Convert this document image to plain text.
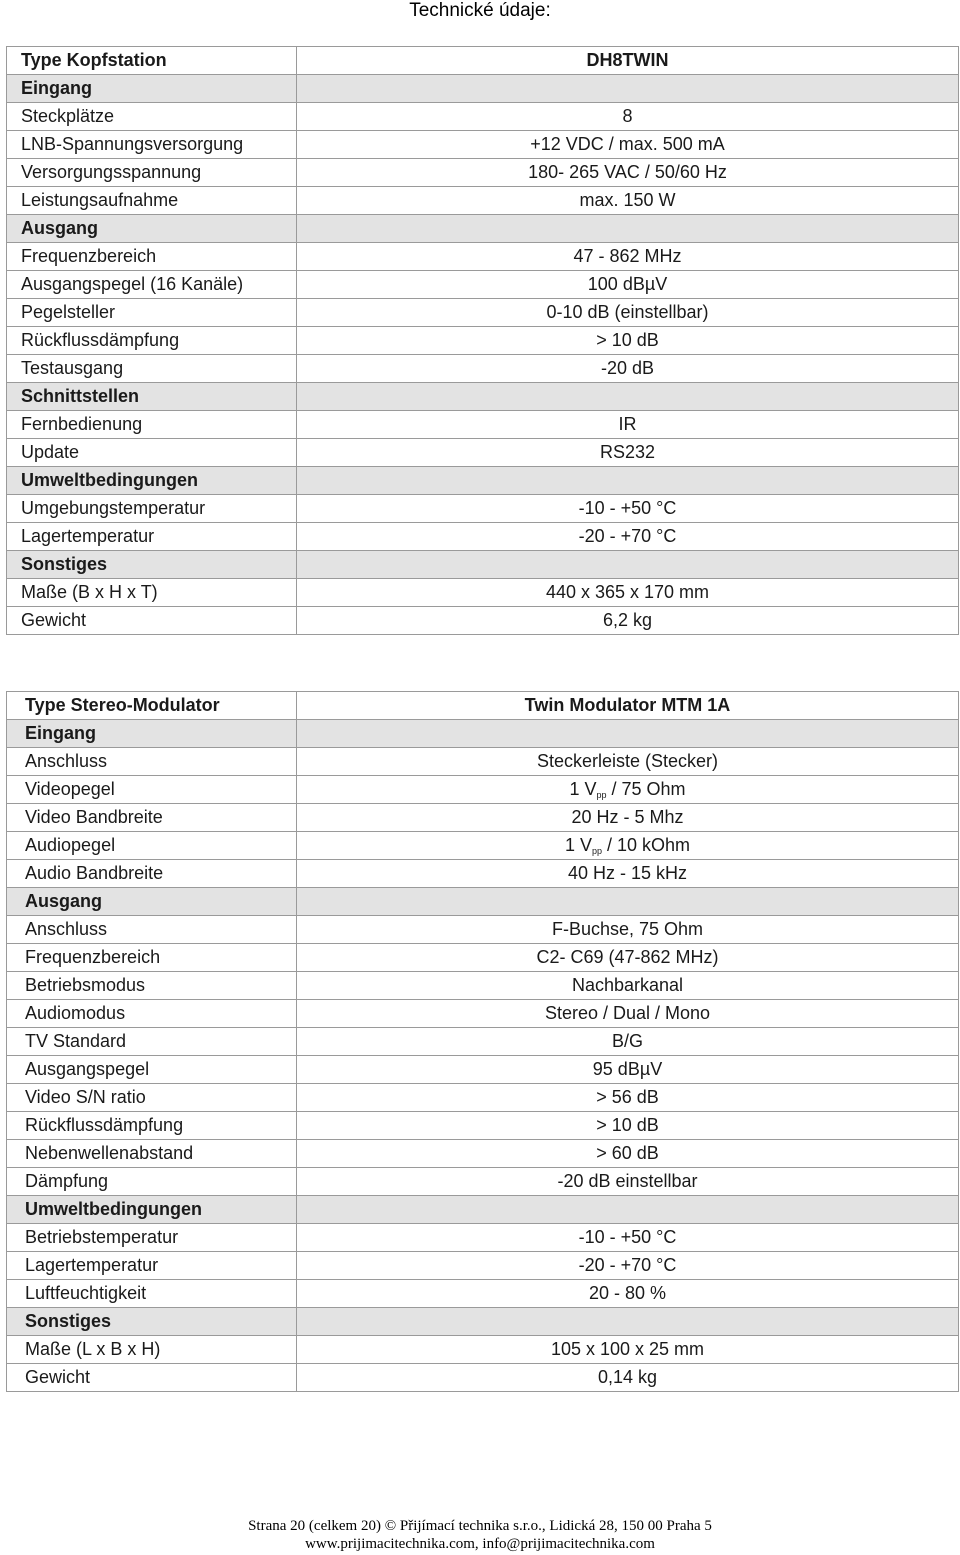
Technické údaje:
Type Kopfstation	DH8TWIN
Eingang	
Steckplätze	8
LNB-Spannungsversorgung	+12 VDC / max. 500 mA
Versorgungsspannung	180- 265 VAC / 50/60 Hz
Leistungsaufnahme	max. 150 W
Ausgang	
Frequenzbereich	47 - 862 MHz
Ausgangspegel (16 Kanäle)	100 dBµV
Pegelsteller	0-10 dB (einstellbar)
Rückflussdämpfung	> 10 dB
Testausgang	-20 dB
Schnittstellen	
Fernbedienung	IR
Update	RS232
Umweltbedingungen	
Umgebungstemperatur	-10 - +50 °C
Lagertemperatur	-20 - +70 °C
Sonstiges	
Maße (B x H x T)	440 x 365 x 170 mm
Gewicht	6,2 kg
Type Stereo-Modulator	Twin Modulator MTM 1A
Eingang	
Anschluss	Steckerleiste (Stecker)
Videopegel	1 $V_{pp} / 75$ Ohm
Video Bandbreite	20 Hz - 5 Mhz
Audiopegel	1 $V_{pp} / 10$ kOhm
Audio Bandbreite	40 Hz - 15 kHz
Ausgang	
Anschluss	F-Buchse, 75 Ohm
Frequenzbereich	C2- C69 (47-862 MHz)
Betriebsmodus	Nachbarkanal
Audiomodus	Stereo / Dual / Mono
TV Standard	B/G
Ausgangspegel	95 dBµV
Video S/N ratio	> 56 dB
Rückflussdämpfung	> 10 dB
Nebenwellenabstand	> 60 dB
Dämpfung	-20 dB einstellbar
Umweltbedingungen	
Betriebstemperatur	-10 - +50 °C
Lagertemperatur	-20 - +70 °C
Luftfeuchtigkeit	20 - 80 %
Sonstiges	
Maße (L x B x H)	105 x 100 x 25 mm
Gewicht	0,14 kg
Strana 20 (celkem 20) © Přijímací technika s.r.o., Lidická 28, 150 00 Praha 5
www.prijimacitechnika.com, info@prijimacitechnika.com
